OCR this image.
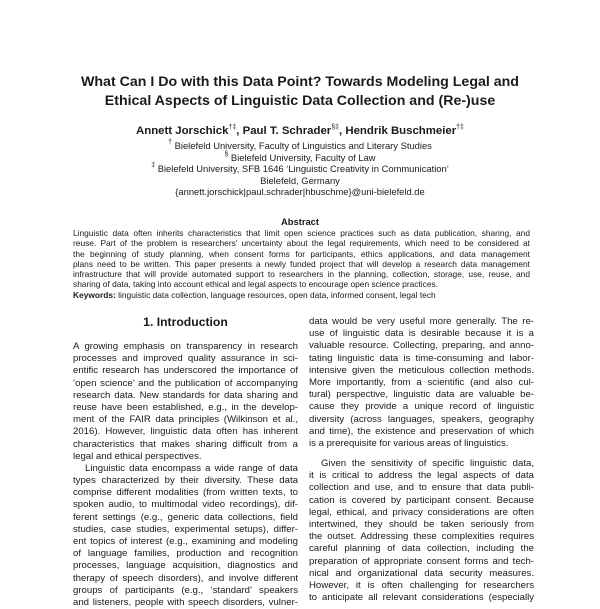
What Can I Do with this Data Point? Towards Modeling Legal and
Ethical Aspects of Linguistic Data Collection and (Re-)use
Annett Jorschick†‡, Paul T. Schrader§‡, Hendrik Buschmeier†‡
† Bielefeld University, Faculty of Linguistics and Literary Studies
§ Bielefeld University, Faculty of Law
‡ Bielefeld University, SFB 1646 ‘Linguistic Creativity in Communication’
Bielefeld, Germany
{annett.jorschick|paul.schrader|hbuschme}@uni-bielefeld.de
Abstract
Linguistic data often inherits characteristics that limit open science practices such as data publication, sharing, and
reuse. Part of the problem is researchers’ uncertainty about the legal requirements, which need to be considered at
the beginning of study planning, when consent forms for participants, ethics applications, and data management
plans need to be written. This paper presents a newly funded project that will develop a research data management
infrastructure that will provide automated support to researchers in the planning, collection, storage, use, reuse, and
sharing of data, taking into account ethical and legal aspects to encourage open science practices.
Keywords: linguistic data collection, language resources, open data, informed consent, legal tech
1. Introduction
A growing emphasis on transparency in research
processes and improved quality assurance in sci-
entific research has underscored the importance of
‘open science’ and the publication of accompanying
research data. New standards for data sharing and
reuse have been established, e.g., in the develop-
ment of the FAIR data principles (Wilkinson et al.,
2016). However, linguistic data often has inherent
characteristics that makes sharing difficult from a
legal and ethical perspectives.
Linguistic data encompass a wide range of data
types characterized by their diversity. These data
comprise different modalities (from written texts, to
spoken audio, to multimodal video recordings), dif-
ferent settings (e.g., generic data collections, field
studies, case studies, experimental setups), differ-
ent topics of interest (e.g., examining and modeling
of language families, production and recognition
processes, language acquisition, diagnostics and
therapy of speech disorders), and involve different
groups of participants (e.g., ‘standard’ speakers
and listeners, people with speech disorders, vulner-
data would be very useful more generally. The re-
use of linguistic data is desirable because it is a
valuable resource. Collecting, preparing, and anno-
tating linguistic data is time-consuming and labor-
intensive given the meticulous collection methods.
More importantly, from a scientific (and also cul-
tural) perspective, linguistic data are valuable be-
cause they provide a unique record of linguistic
diversity (across languages, speakers, geography
and time), the existence and preservation of which
is a prerequisite for various areas of linguistics.
Given the sensitivity of specific linguistic data,
it is critical to address the legal aspects of data
collection and use, and to ensure that data publi-
cation is covered by participant consent. Because
legal, ethical, and privacy considerations are often
intertwined, they should be taken seriously from
the outset. Addressing these complexities requires
careful planning of data collection, including the
preparation of appropriate consent forms and tech-
nical and organizational data security measures.
However, it is often challenging for researchers
to anticipate all relevant considerations (especially
